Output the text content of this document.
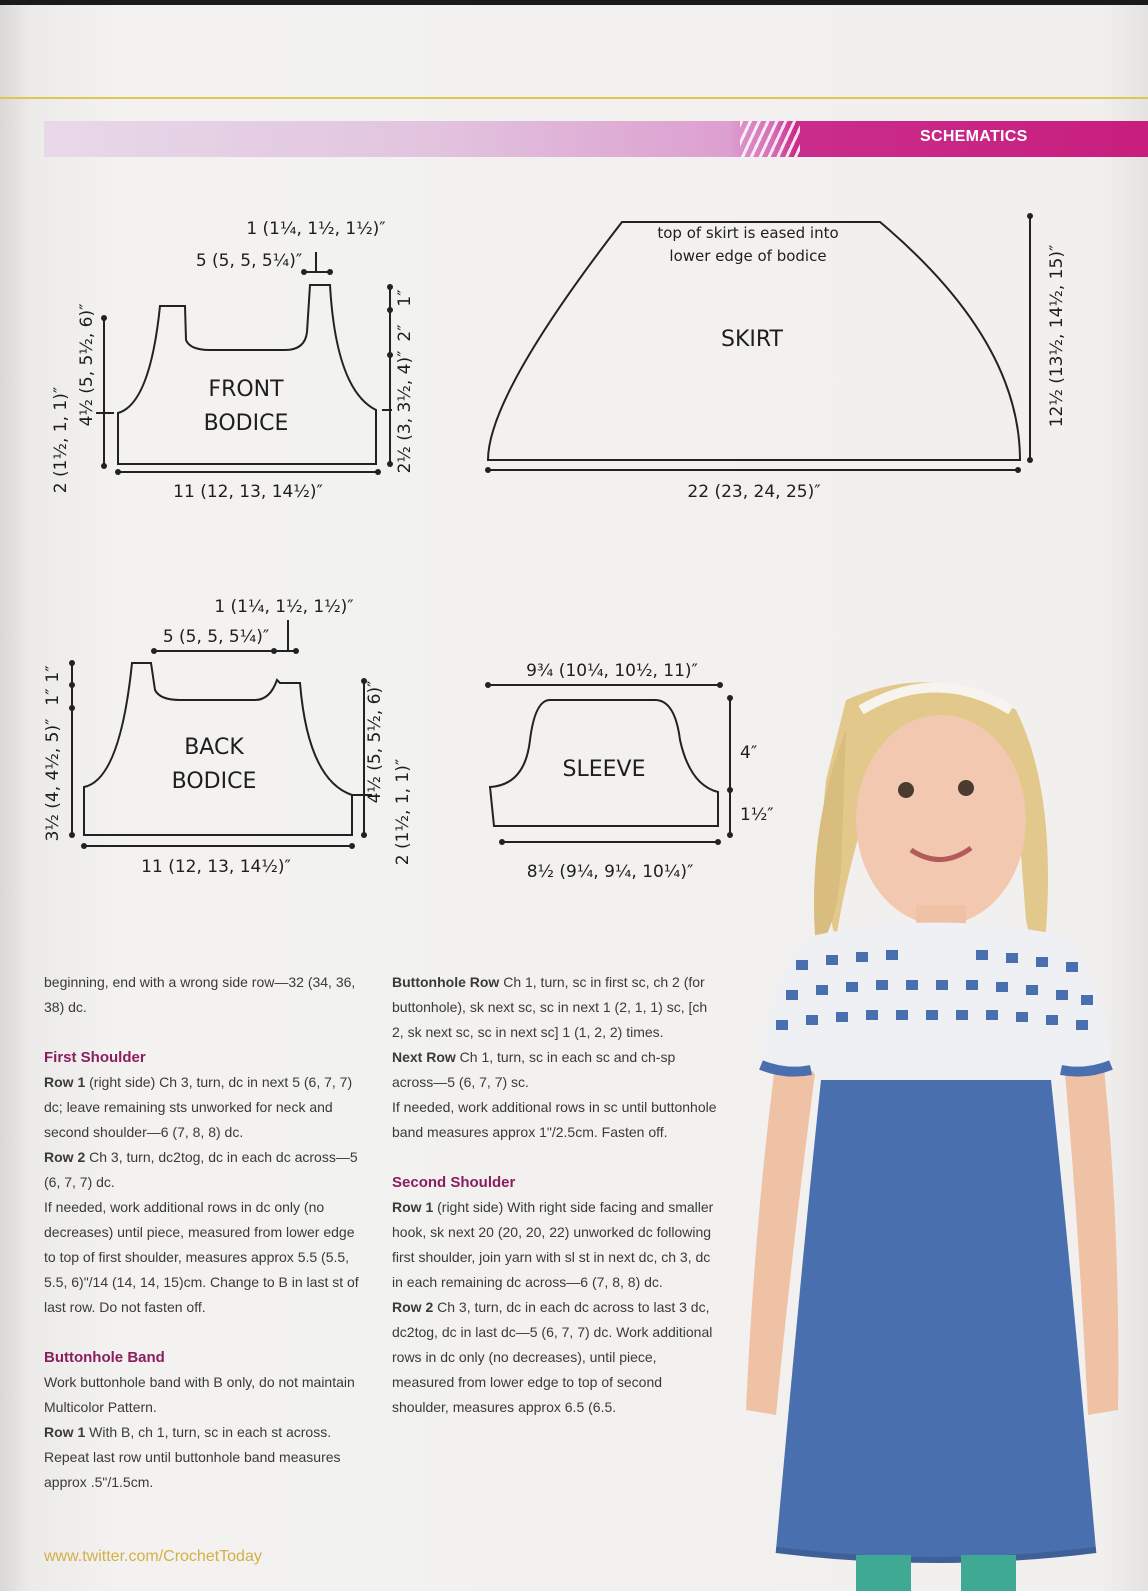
SCHEMATICS
FRONT
BODICE
1 (1¼, 1½, 1½)″
5 (5, 5, 5¼)″
11 (12, 13, 14½)″
2 (1½, 1, 1)″
4½ (5, 5½, 6)″
1″
2″
2½ (3, 3½, 4)″
top of skirt is eased into
lower edge of bodice
SKIRT
22 (23, 24, 25)″
12½ (13½, 14½, 15)″
BACK
BODICE
1 (1¼, 1½, 1½)″
5 (5, 5, 5¼)″
11 (12, 13, 14½)″
1″
1″
3½ (4, 4½, 5)″	4½ (5, 5½, 6)″
2 (1½, 1, 1)″	SLEEVE
9¾ (10¼, 10½, 11)″
4″
1½″
8½ (9¼, 9¼, 10¼)″

beginning, end with a wrong side row—32 (34, 36, 38) dc.

First Shoulder

Row 1 (right side) Ch 3, turn, dc in next 5 (6, 7, 7) dc; leave remaining sts unworked for neck and second shoulder—6 (7, 8, 8) dc.

Row 2 Ch 3, turn, dc2tog, dc in each dc across—5 (6, 7, 7) dc.

If needed, work additional rows in dc only (no decreases) until piece, measured from lower edge to top of first shoulder, measures approx 5.5 (5.5, 5.5, 6)"/14 (14, 14, 15)cm. Change to B in last st of last row. Do not fasten off.

Buttonhole Band

Work buttonhole band with B only, do not maintain Multicolor Pattern.

Row 1 With B, ch 1, turn, sc in each st across. Repeat last row until buttonhole band measures approx .5"/1.5cm.

Buttonhole Row Ch 1, turn, sc in first sc, ch 2 (for buttonhole), sk next sc, sc in next 1 (2, 1, 1) sc, [ch 2, sk next sc, sc in next sc] 1 (1, 2, 2) times.

Next Row Ch 1, turn, sc in each sc and ch-sp across—5 (6, 7, 7) sc.

If needed, work additional rows in sc until buttonhole band measures approx 1"/2.5cm. Fasten off.

Second Shoulder

Row 1 (right side) With right side facing and smaller hook, sk next 20 (20, 20, 22) unworked dc following first shoulder, join yarn with sl st in next dc, ch 3, dc in each remaining dc across—6 (7, 8, 8) dc.

Row 2 Ch 3, turn, dc in each dc across to last 3 dc, dc2tog, dc in last dc—5 (6, 7, 7) dc. Work additional rows in dc only (no decreases), until piece, measured from lower edge to top of second shoulder, measures approx 6.5 (6.5.

www.twitter.com/CrochetToday
